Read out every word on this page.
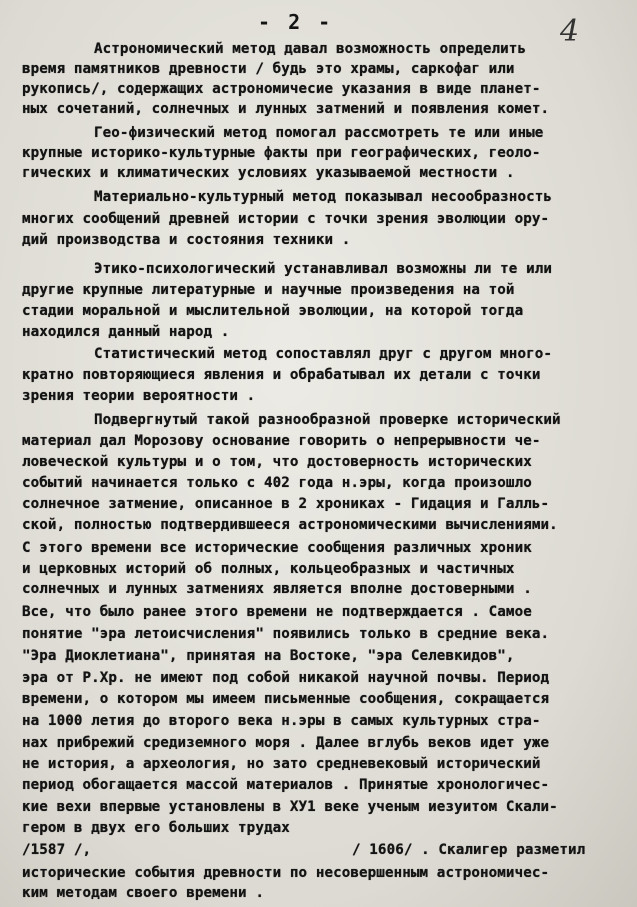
- 2 -	4
Астрономический метод давал возможность определить
время памятников древности / будь это храмы, саркофаг или
рукопись/, содержащих астрономичесие указания в виде планет-
ных сочетаний, солнечных и лунных затмений и появления комет.
Гео-физический метод помогал рассмотреть те или иные
крупные историко-культурные факты при географических, геоло-
гических и климатических условиях указываемой местности .
Материально-культурный метод показывал несообразность
многих сообщений древней истории с точки зрения эволюции ору-
дий производства и состояния техники .
Этико-психологический устанавливал возможны ли те или
другие крупные литературные и научные произведения на той
стадии моральной и мыслительной эволюции, на которой тогда
находился данный народ .
Статистический метод сопоставлял друг с другом много-
кратно повторяющиеся явления и обрабатывал их детали с точки
зрения теории вероятности .
Подвергнутый такой разнообразной проверке исторический
материал дал Морозову основание говорить о непрерывности че-
ловеческой культуры и о том, что достоверность исторических
событий начинается только с 402 года н.эры, когда произошло
солнечное затмение, описанное в 2 хрониках - Гидация и Галль-
ской, полностью подтвердившееся астрономическими вычислениями.
С этого времени все исторические сообщения различных хроник
и церковных историй об полных, кольцеобразных и частичных
солнечных и лунных затмениях является вполне достоверными .
Все, что было ранее этого времени не подтверждается . Самое
понятие "эра летоисчисления" появились только в средние века.
"Эра Диоклетиана", принятая на Востоке, "эра Селевкидов",
эра от Р.Хр. не имеют под собой никакой научной почвы. Период
времени, о котором мы имеем письменные сообщения, сокращается
на 1000 летия до второго века н.эры в самых культурных стра-
нах прибрежий средиземного моря . Далее вглубь веков идет уже
не история, а археология, но зато средневековый исторический
период обогащается массой материалов . Принятые хронологичес-
кие вехи впервые установлены в ХУ1 веке ученым иезуитом Скали-
гером в двух его больших трудах
/1587 /,	/ 1606/ . Скалигер разметил
исторические события древности по несовершенным астрономичес-
ким методам своего времени .
